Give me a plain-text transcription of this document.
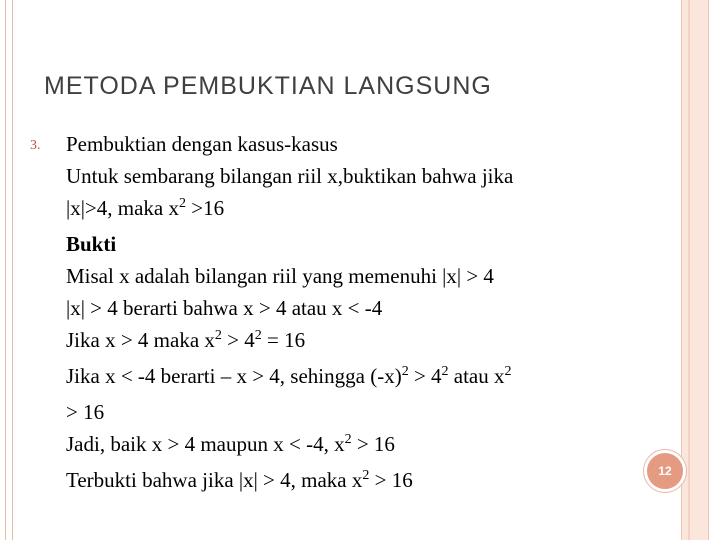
METODA PEMBUKTIAN LANGSUNG
3. Pembuktian dengan kasus-kasus
Untuk sembarang bilangan riil x,buktikan bahwa jika
|x|>4, maka $x^2 >16$
Bukti
Misal x adalah bilangan riil yang memenuhi |x| > 4
|x| > 4 berarti bahwa x > 4 atau x < -4
Jika x > 4 maka $x^2 > 4^2 = 16$
Jika x < -4 berarti – x > 4, sehingga $(-x)^2 > 4^2$ atau $x^2$
> 16
Jadi, baik x > 4 maupun x < -4, $x^2 > 16$
Terbukti bahwa jika |x| > 4, maka $x^2 > 16$	12
